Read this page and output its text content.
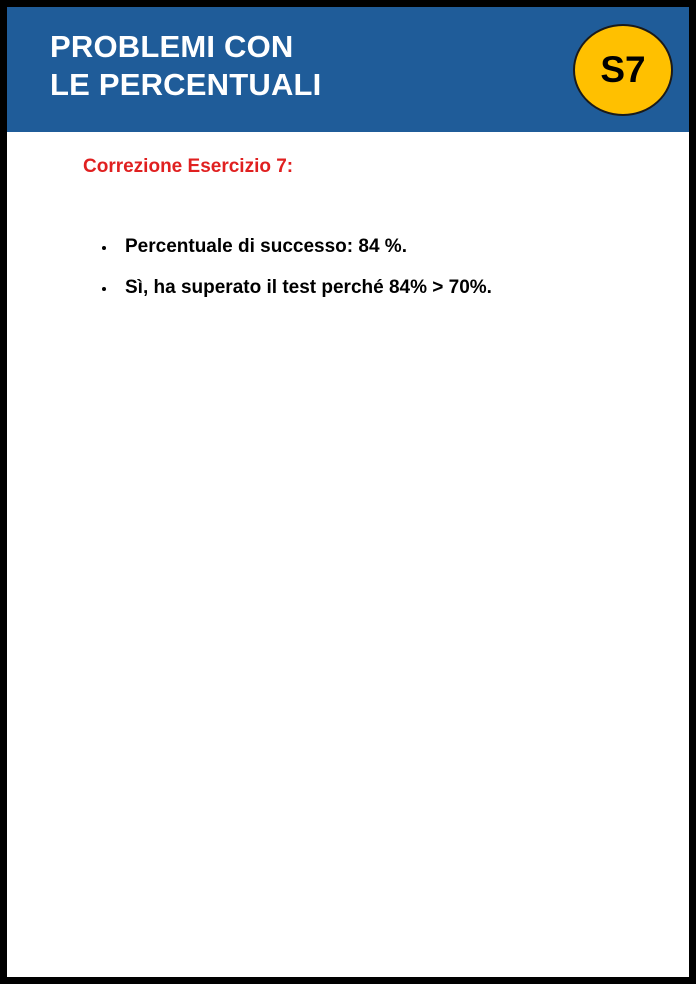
PROBLEMI CON
LE PERCENTUALI	S7
Correzione Esercizio 7:
Percentuale di successo: 84 %.
Sì, ha superato il test perché 84% > 70%.
